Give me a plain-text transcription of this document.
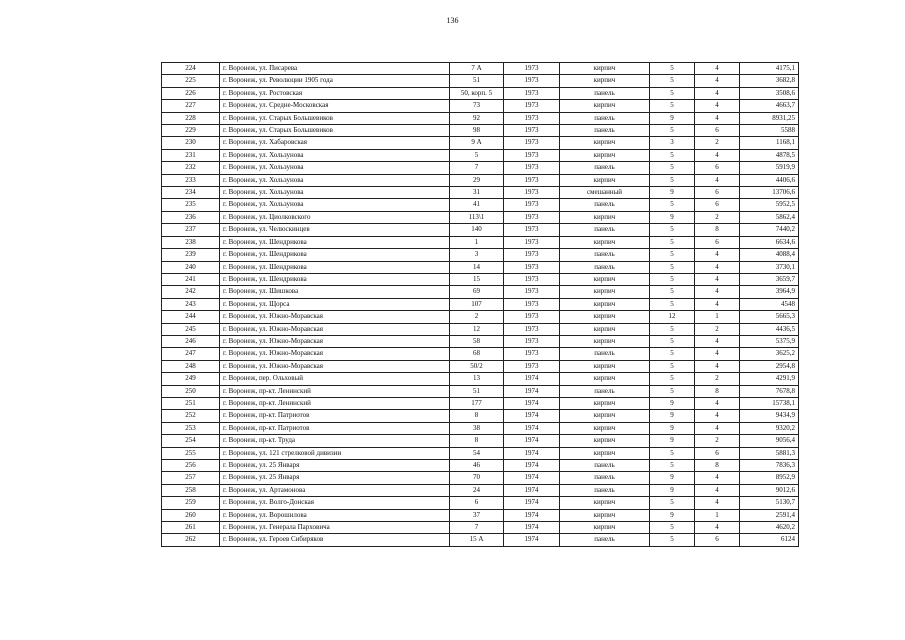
136
224	г. Воронеж, ул. Писарева	7 А	1973	кирпич	5	4	4175,1
225	г. Воронеж, ул. Революции 1905 года	51	1973	кирпич	5	4	3682,8
226	г. Воронеж, ул. Ростовская	50, корп. 5	1973	панель	5	4	3508,6
227	г. Воронеж, ул. Средне-Московская	73	1973	кирпич	5	4	4663,7
228	г. Воронеж, ул. Старых Большевиков	92	1973	панель	9	4	8931,25
229	г. Воронеж, ул. Старых Большевиков	98	1973	панель	5	6	5588
230	г. Воронеж, ул. Хабаровская	9 А	1973	кирпич	3	2	1168,1
231	г. Воронеж, ул. Хользунова	5	1973	кирпич	5	4	4878,5
232	г. Воронеж, ул. Хользунова	7	1973	панель	5	6	5919,9
233	г. Воронеж, ул. Хользунова	29	1973	кирпич	5	4	4406,6
234	г. Воронеж, ул. Хользунова	31	1973	смешанный	9	6	13706,6
235	г. Воронеж, ул. Хользунова	41	1973	панель	5	6	5952,5
236	г. Воронеж, ул. Циолковского	113\1	1973	кирпич	9	2	5862,4
237	г. Воронеж, ул. Челюскинцев	140	1973	панель	5	8	7440,2
238	г. Воронеж, ул. Шендрикова	1	1973	кирпич	5	6	6634,6
239	г. Воронеж, ул. Шендрикова	3	1973	панель	5	4	4088,4
240	г. Воронеж, ул. Шендрикова	14	1973	панель	5	4	3730,1
241	г. Воронеж, ул. Шендрикова	15	1973	кирпич	5	4	3659,7
242	г. Воронеж, ул. Шишкова	69	1973	кирпич	5	4	3964,9
243	г. Воронеж, ул. Щорса	107	1973	кирпич	5	4	4548
244	г. Воронеж, ул. Южно-Моравская	2	1973	кирпич	12	1	5665,3
245	г. Воронеж, ул. Южно-Моравская	12	1973	кирпич	5	2	4436,5
246	г. Воронеж, ул. Южно-Моравская	58	1973	кирпич	5	4	5375,9
247	г. Воронеж, ул. Южно-Моравская	68	1973	панель	5	4	3625,2
248	г. Воронеж, ул. Южно-Моравская	50/2	1973	кирпич	5	4	2954,8
249	г. Воронеж, пер. Ольховый	13	1974	кирпич	5	2	4291,9
250	г. Воронеж, пр-кт. Ленинский	51	1974	панель	5	8	7678,8
251	г. Воронеж, пр-кт. Ленинский	177	1974	кирпич	9	4	15738,1
252	г. Воронеж, пр-кт. Патриотов	8	1974	кирпич	9	4	9434,9
253	г. Воронеж, пр-кт. Патриотов	38	1974	кирпич	9	4	9320,2
254	г. Воронеж, пр-кт. Труда	8	1974	кирпич	9	2	9056,4
255	г. Воронеж, ул. 121 стрелковой дивизии	54	1974	кирпич	5	6	5881,3
256	г. Воронеж, ул. 25 Января	46	1974	панель	5	8	7836,3
257	г. Воронеж, ул. 25 Января	70	1974	панель	9	4	8952,9
258	г. Воронеж, ул. Артамонова	24	1974	панель	9	4	9012,6
259	г. Воронеж, ул. Волго-Донская	6	1974	кирпич	5	4	5130,7
260	г. Воронеж, ул. Ворошилова	37	1974	кирпич	9	1	2591,4
261	г. Воронеж, ул. Генерала Парховича	7	1974	кирпич	5	4	4620,2
262	г. Воронеж, ул. Героев Сибиряков	15 А	1974	панель	5	6	6124
